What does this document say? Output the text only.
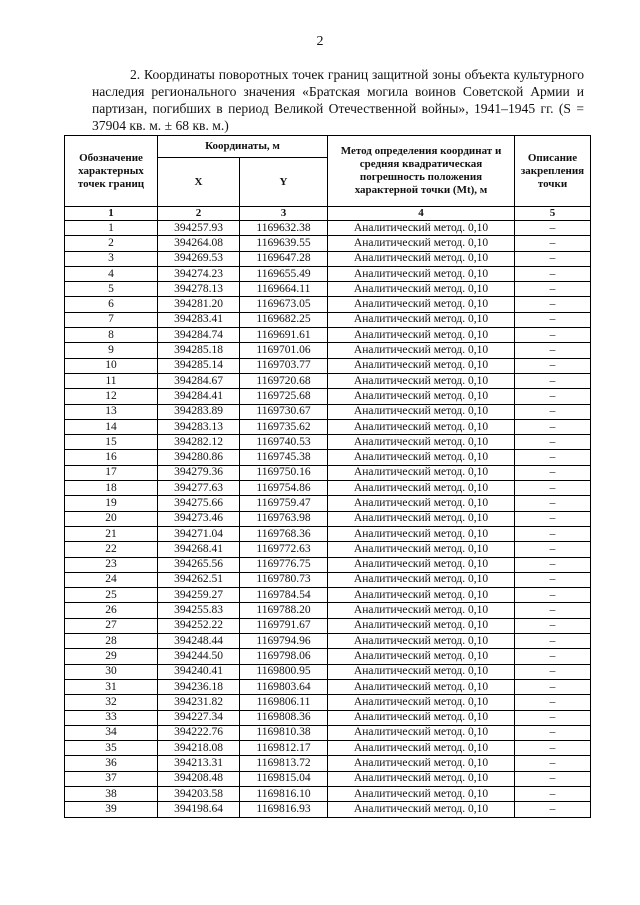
2
2. Координаты поворотных точек границ защитной зоны объекта культурного наследия регионального значения «Братская могила воинов Советской Армии и партизан, погибших в период Великой Отечественной войны», 1941–1945 гг. (S = 37904 кв. м. ± 68 кв. м.)
Обозначение характерных точек границ	Координаты, м		Метод определения координат и средняя квадратическая погрешность положения характерной точки (Мt), м	Описание закрепления точки
	X	Y		
1	2	3	4	5
1	394257.93	1169632.38	Аналитический метод. 0,10	–
2	394264.08	1169639.55	Аналитический метод. 0,10	–
3	394269.53	1169647.28	Аналитический метод. 0,10	–
4	394274.23	1169655.49	Аналитический метод. 0,10	–
5	394278.13	1169664.11	Аналитический метод. 0,10	–
6	394281.20	1169673.05	Аналитический метод. 0,10	–
7	394283.41	1169682.25	Аналитический метод. 0,10	–
8	394284.74	1169691.61	Аналитический метод. 0,10	–
9	394285.18	1169701.06	Аналитический метод. 0,10	–
10	394285.14	1169703.77	Аналитический метод. 0,10	–
11	394284.67	1169720.68	Аналитический метод. 0,10	–
12	394284.41	1169725.68	Аналитический метод. 0,10	–
13	394283.89	1169730.67	Аналитический метод. 0,10	–
14	394283.13	1169735.62	Аналитический метод. 0,10	–
15	394282.12	1169740.53	Аналитический метод. 0,10	–
16	394280.86	1169745.38	Аналитический метод. 0,10	–
17	394279.36	1169750.16	Аналитический метод. 0,10	–
18	394277.63	1169754.86	Аналитический метод. 0,10	–
19	394275.66	1169759.47	Аналитический метод. 0,10	–
20	394273.46	1169763.98	Аналитический метод. 0,10	–
21	394271.04	1169768.36	Аналитический метод. 0,10	–
22	394268.41	1169772.63	Аналитический метод. 0,10	–
23	394265.56	1169776.75	Аналитический метод. 0,10	–
24	394262.51	1169780.73	Аналитический метод. 0,10	–
25	394259.27	1169784.54	Аналитический метод. 0,10	–
26	394255.83	1169788.20	Аналитический метод. 0,10	–
27	394252.22	1169791.67	Аналитический метод. 0,10	–
28	394248.44	1169794.96	Аналитический метод. 0,10	–
29	394244.50	1169798.06	Аналитический метод. 0,10	–
30	394240.41	1169800.95	Аналитический метод. 0,10	–
31	394236.18	1169803.64	Аналитический метод. 0,10	–
32	394231.82	1169806.11	Аналитический метод. 0,10	–
33	394227.34	1169808.36	Аналитический метод. 0,10	–
34	394222.76	1169810.38	Аналитический метод. 0,10	–
35	394218.08	1169812.17	Аналитический метод. 0,10	–
36	394213.31	1169813.72	Аналитический метод. 0,10	–
37	394208.48	1169815.04	Аналитический метод. 0,10	–
38	394203.58	1169816.10	Аналитический метод. 0,10	–
39	394198.64	1169816.93	Аналитический метод. 0,10	–
